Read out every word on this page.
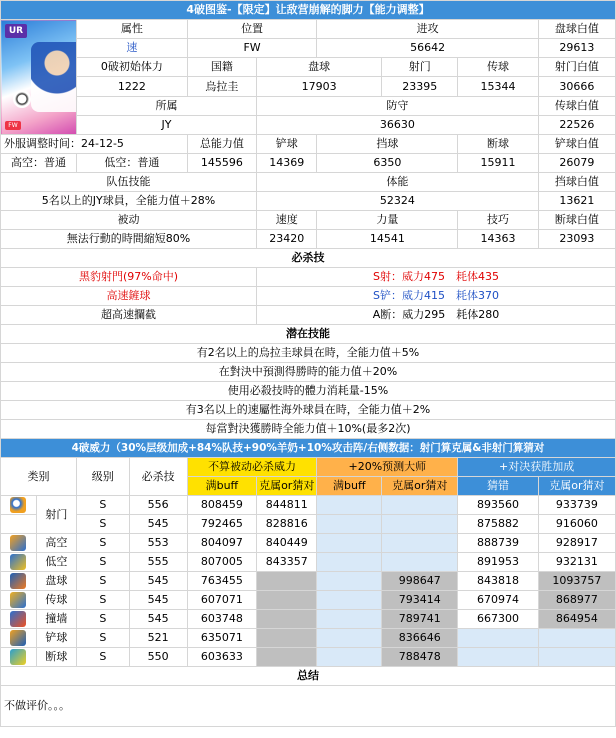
4破图鉴-【限定】让敌营崩解的脚力【能力调整】									

UR
FW		属性		位置		进攻			盘球白值
		速		FW		56642			29613
		0破初始体力		国籍	盘球		射门	传球	射门白值
		1222		烏拉圭	17903		23395	15344	30666
		所属			防守				传球白值
		JY			36630				22526
外服调整时间：24-12-5				总能力值	铲球	挡球		断球	铲球白值
高空：普通		低空：普通		145596	14369	6350		15911	26079
队伍技能					体能				挡球白值
5名以上的JY球員，全能力值＋28%					52324				13621
被动					速度	力量		技巧	断球白值
無法行動的時間縮短80%					23420	14541		14363	23093
必杀技									
黑豹射門(97%命中)					S射：威力475　耗体435				
高速鏟球					S铲：威力415　耗体370				
超高速攔截					A断：威力295　耗体280				
潜在技能									
有2名以上的烏拉圭球員在時，全能力值＋5%									
在對決中預測得勝時的能力值＋20%									
使用必殺技時的體力消耗量-15%									
有3名以上的速屬性海外球員在時，全能力值＋2%									
每當對決獲勝時全能力值＋10%(最多2次)									
4破威力（30%层级加成+84%队技+90%羊奶+10%攻击阵/右侧数据：射门算克属&非射门算猜对									
类别		级别	必杀技	不算被动必杀威力		+20%预测大师		+对决获胜加成	
				满buff	克属or猜对	满buff	克属or猜对	猜错	克属or猜对
	射门	S	556	808459	844811			893560	933739
		S	545	792465	828816			875882	916060
	高空	S	553	804097	840449			888739	928917
	低空	S	555	807005	843357			891953	932131
	盘球	S	545	763455			998647	843818	1093757
	传球	S	545	607071			793414	670974	868977
	撞墙	S	545	603748			789741	667300	864954
	铲球	S	521	635071			836646		
	断球	S	550	603633			788478		
总结									
不做评价。。。									
